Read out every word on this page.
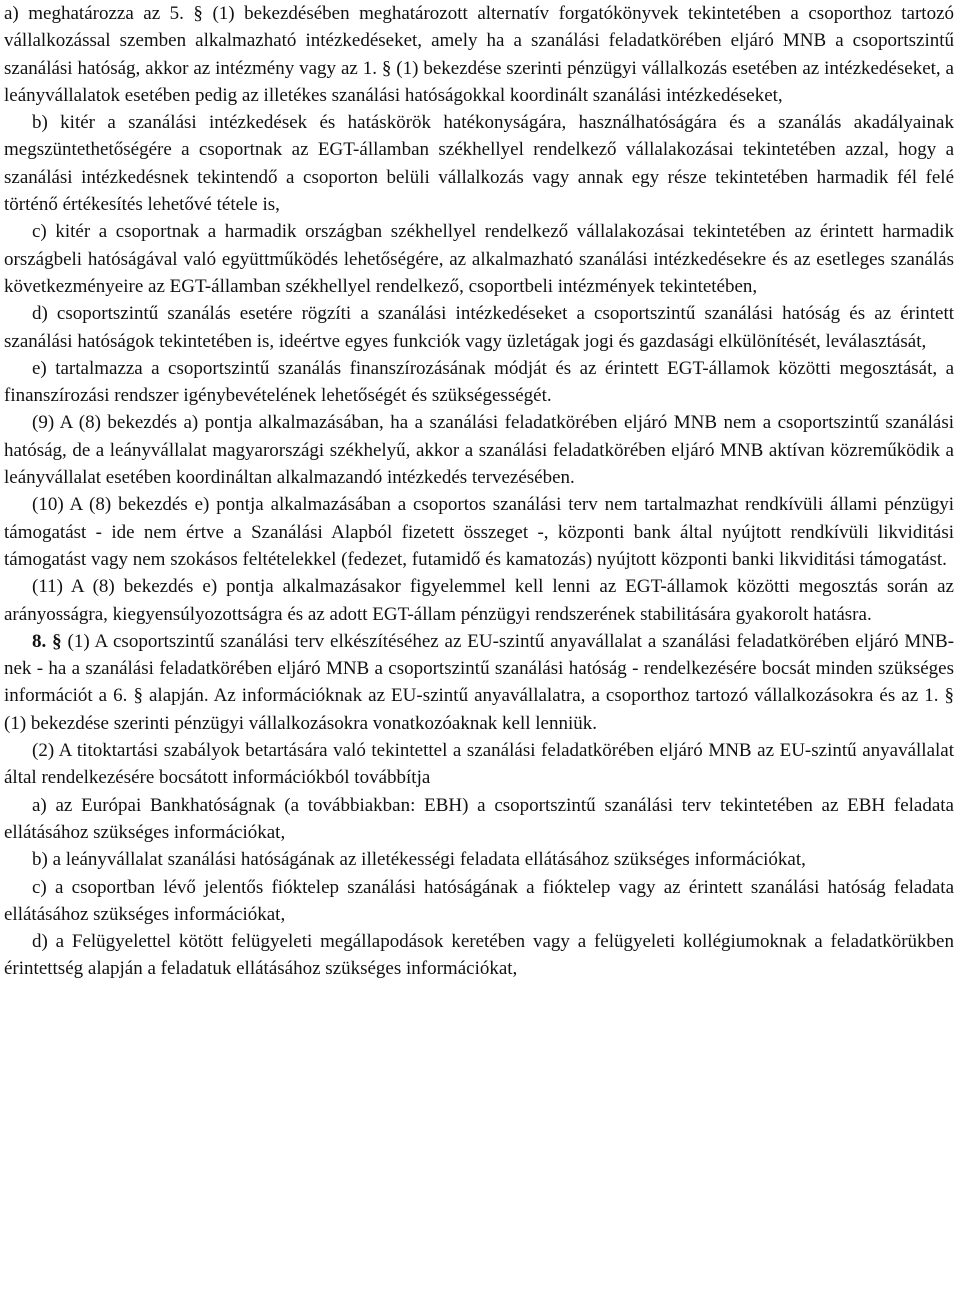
a) meghatározza az 5. § (1) bekezdésében meghatározott alternatív forgatókönyvek tekintetében a csoporthoz tartozó vállalkozással szemben alkalmazható intézkedéseket, amely ha a szanálási feladatkörében eljáró MNB a csoportszintű szanálási hatóság, akkor az intézmény vagy az 1. § (1) bekezdése szerinti pénzügyi vállalkozás esetében az intézkedéseket, a leányvállalatok esetében pedig az illetékes szanálási hatóságokkal koordinált szanálási intézkedéseket,

b) kitér a szanálási intézkedések és hatáskörök hatékonyságára, használhatóságára és a szanálás akadályainak megszüntethetőségére a csoportnak az EGT-államban székhellyel rendelkező vállalakozásai tekintetében azzal, hogy a szanálási intézkedésnek tekintendő a csoporton belüli vállalkozás vagy annak egy része tekintetében harmadik fél felé történő értékesítés lehetővé tétele is,

c) kitér a csoportnak a harmadik országban székhellyel rendelkező vállalakozásai tekintetében az érintett harmadik országbeli hatóságával való együttműködés lehetőségére, az alkalmazható szanálási intézkedésekre és az esetleges szanálás következményeire az EGT-államban székhellyel rendelkező, csoportbeli intézmények tekintetében,

d) csoportszintű szanálás esetére rögzíti a szanálási intézkedéseket a csoportszintű szanálási hatóság és az érintett szanálási hatóságok tekintetében is, ideértve egyes funkciók vagy üzletágak jogi és gazdasági elkülönítését, leválasztását,

e) tartalmazza a csoportszintű szanálás finanszírozásának módját és az érintett EGT-államok közötti megosztását, a finanszírozási rendszer igénybevételének lehetőségét és szükségességét.

(9) A (8) bekezdés a) pontja alkalmazásában, ha a szanálási feladatkörében eljáró MNB nem a csoportszintű szanálási hatóság, de a leányvállalat magyarországi székhelyű, akkor a szanálási feladatkörében eljáró MNB aktívan közreműködik a leányvállalat esetében koordináltan alkalmazandó intézkedés tervezésében.

(10) A (8) bekezdés e) pontja alkalmazásában a csoportos szanálási terv nem tartalmazhat rendkívüli állami pénzügyi támogatást - ide nem értve a Szanálási Alapból fizetett összeget -, központi bank által nyújtott rendkívüli likviditási támogatást vagy nem szokásos feltételekkel (fedezet, futamidő és kamatozás) nyújtott központi banki likviditási támogatást.

(11) A (8) bekezdés e) pontja alkalmazásakor figyelemmel kell lenni az EGT-államok közötti megosztás során az arányosságra, kiegyensúlyozottságra és az adott EGT-állam pénzügyi rendszerének stabilitására gyakorolt hatásra.

8. § (1) A csoportszintű szanálási terv elkészítéséhez az EU-szintű anyavállalat a szanálási feladatkörében eljáró MNB-nek - ha a szanálási feladatkörében eljáró MNB a csoportszintű szanálási hatóság - rendelkezésére bocsát minden szükséges információt a 6. § alapján. Az információknak az EU-szintű anyavállalatra, a csoporthoz tartozó vállalkozásokra és az 1. § (1) bekezdése szerinti pénzügyi vállalkozásokra vonatkozóaknak kell lenniük.

(2) A titoktartási szabályok betartására való tekintettel a szanálási feladatkörében eljáró MNB az EU-szintű anyavállalat által rendelkezésére bocsátott információkból továbbítja

a) az Európai Bankhatóságnak (a továbbiakban: EBH) a csoportszintű szanálási terv tekintetében az EBH feladata ellátásához szükséges információkat,

b) a leányvállalat szanálási hatóságának az illetékességi feladata ellátásához szükséges információkat,

c) a csoportban lévő jelentős fióktelep szanálási hatóságának a fióktelep vagy az érintett szanálási hatóság feladata ellátásához szükséges információkat,

d) a Felügyelettel kötött felügyeleti megállapodások keretében vagy a felügyeleti kollégiumoknak a feladatkörükben érintettség alapján a feladatuk ellátásához szükséges információkat,
